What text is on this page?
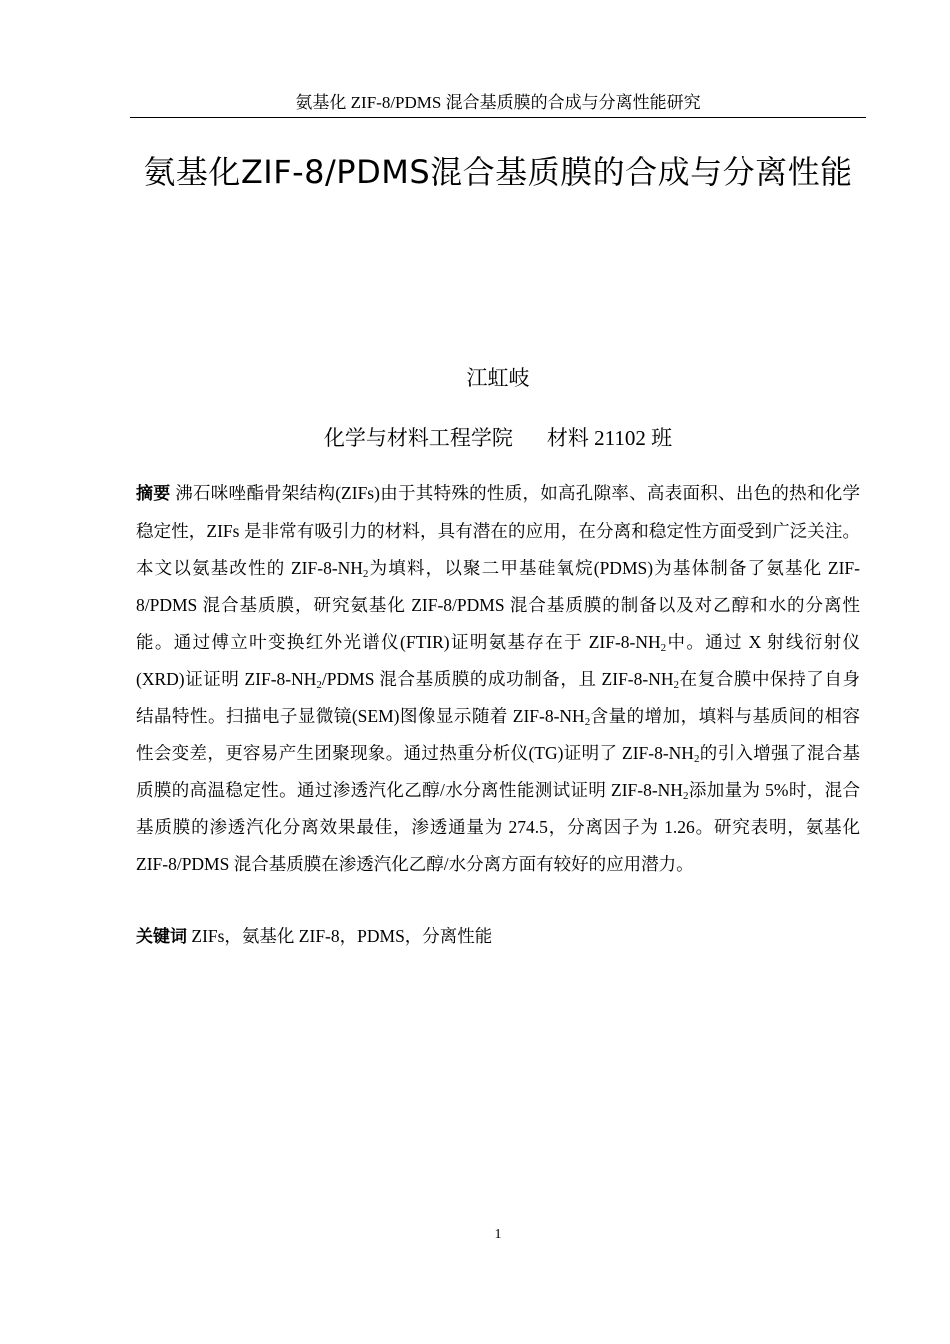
氨基化 ZIF-8/PDMS 混合基质膜的合成与分离性能研究
氨基化ZIF-8/PDMS混合基质膜的合成与分离性能
江虹岐
化学与材料工程学院 材料 21102 班

摘要 沸石咪唑酯骨架结构(ZIFs)由于其特殊的性质，如高孔隙率、高表面积、出色的热和化学稳定性，ZIFs 是非常有吸引力的材料，具有潜在的应用，在分离和稳定性方面受到广泛关注。本文以氨基改性的 ZIF-$8-NH_2$为填料，以聚二甲基硅氧烷(PDMS)为基体制备了氨基化 ZIF-8/PDMS 混合基质膜，研究氨基化 ZIF-8/PDMS 混合基质膜的制备以及对乙醇和水的分离性能。通过傅立叶变换红外光谱仪(FTIR)证明氨基存在于 ZIF-$8-NH_2$中。通过 X 射线衍射仪(XRD)证证明 ZIF-$8-NH_2$/PDMS 混合基质膜的成功制备，且 ZIF-$8-NH_2$在复合膜中保持了自身结晶特性。扫描电子显微镜(SEM)图像显示随着 ZIF-$8-NH_2$含量的增加，填料与基质间的相容性会变差，更容易产生团聚现象。通过热重分析仪(TG)证明了 ZIF-$8-NH_2$的引入增强了混合基质膜的高温稳定性。通过渗透汽化乙醇/水分离性能测试证明 ZIF-$8-NH_2$添加量为 5%时，混合基质膜的渗透汽化分离效果最佳，渗透通量为 274.5，分离因子为 1.26。研究表明，氨基化 ZIF-8/PDMS 混合基质膜在渗透汽化乙醇/水分离方面有较好的应用潜力。

关键词 ZIFs，氨基化 ZIF-8，PDMS，分离性能

1
